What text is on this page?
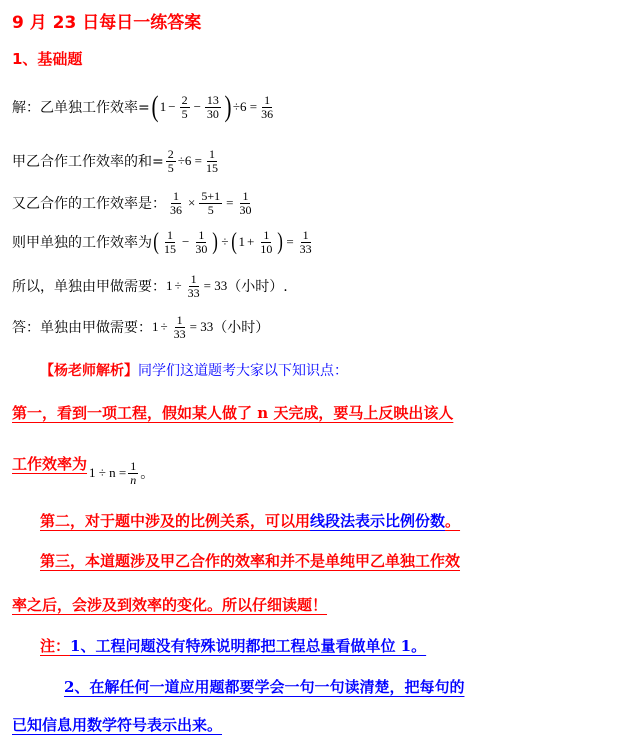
9 月 23 日每日一练答案
1、基础题
解：乙单独工作效率= ( $1 - \frac{2}{5} - \frac{13}{30}$ ) $\div 6 = \frac{1}{36}$
甲乙合作工作效率的和= $\frac{2}{5} \div 6 = \frac{1}{15}$
又乙合作的工作效率是： $\frac{1}{36} \times \frac{5+1}{5} = \frac{1}{30}$
则甲单独的工作效率为 ( $\frac{1}{15} - \frac{1}{30}$ ) ÷ ( $1 + \frac{1}{10}$ ) = $\frac{1}{33}$
所以，单独由甲做需要： $1 \div \frac{1}{33} = 33$ （小时）.
答：单独由甲做需要： $1 \div \frac{1}{33} = 33$ （小时）
【杨老师解析】 同学们这道题考大家以下知识点：
第一，看到一项工程，假如某人做了 n 天完成，要马上反映出该人
工作效率为 $1 \div n = \frac{1}{n}$ 。
第二，对于题中涉及的比例关系，可以用 线段法表示比例份数 。
第三，本道题涉及甲乙合作的效率和并不是单纯甲乙单独工作效
率之后，会涉及到效率的变化。所以仔细读题！
注： 1、工程问题没有特殊说明都把工程总量看做单位 1。
2、在解任何一道应用题都要学会一句一句读清楚，把每句的
已知信息用数学符号表示出来。
